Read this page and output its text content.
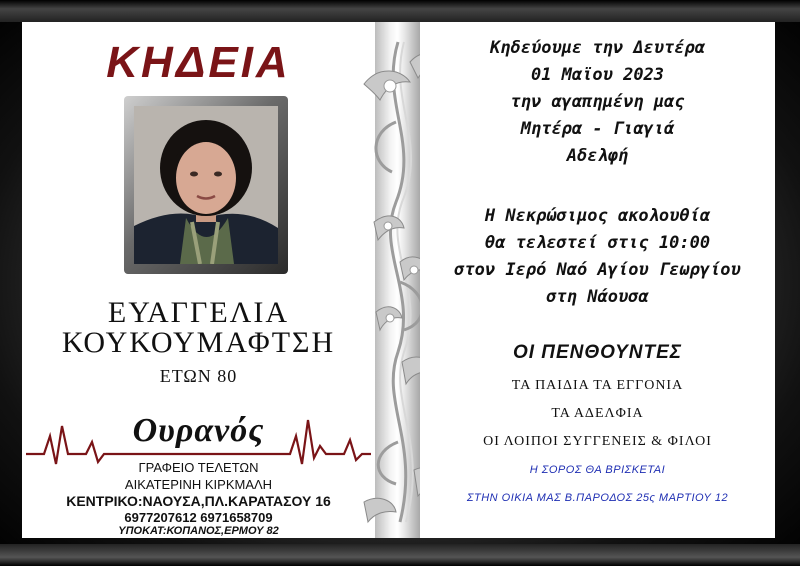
ΚΗΔΕΙΑ
ΕΥΑΓΓΕΛΙΑ
ΚΟΥΚΟΥΜΑΦΤΣΗ
ΕΤΩΝ 80
Ουρανός
ΓΡΑΦΕΙΟ ΤΕΛΕΤΩΝ
ΑΙΚΑΤΕΡΙΝΗ ΚΙΡΚΜΑΛΗ
ΚΕΝΤΡΙΚΟ:ΝΑΟΥΣΑ,ΠΛ.ΚΑΡΑΤΑΣΟΥ 16
6977207612 6971658709
ΥΠΟΚΑΤ:ΚΟΠΑΝΟΣ,ΕΡΜΟΥ 82
Κηδεύουμε την Δευτέρα
01 Μαϊου 2023
την αγαπημένη μας
Μητέρα - Γιαγιά
Αδελφή
Η Νεκρώσιμος ακολουθία
θα τελεστεί στις 10:00
στον Ιερό Ναό Αγίου Γεωργίου
στη Νάουσα
ΟΙ ΠΕΝΘΟΥΝΤΕΣ
ΤΑ ΠΑΙΔΙΑ ΤΑ ΕΓΓΟΝΙΑ
ΤΑ ΑΔΕΛΦΙΑ
ΟΙ ΛΟΙΠΟΙ ΣΥΓΓΕΝΕΙΣ & ΦΙΛΟΙ
Η ΣΟΡΟΣ ΘΑ ΒΡΙΣΚΕΤΑΙ
ΣΤΗΝ ΟΙΚΙΑ ΜΑΣ Β.ΠΑΡΟΔΟΣ 25ς ΜΑΡΤΙΟΥ 12
